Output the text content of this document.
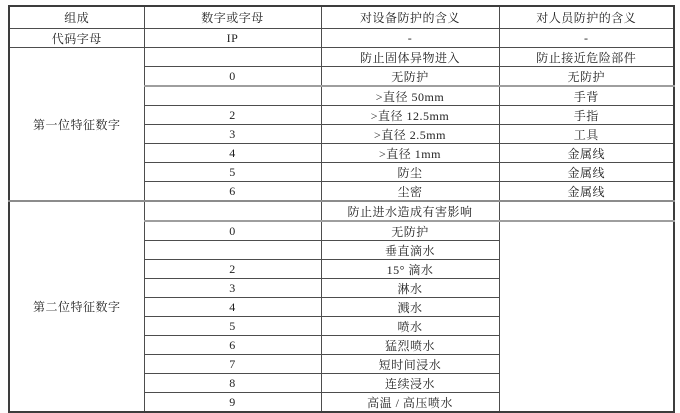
组成	数字或字母	对设备防护的含义	对人员防护的含义
代码字母	IP	-	-
第一位特征数字		防止固体异物进入	防止接近危险部件
	0	无防护	无防护
		>直径 50mm	手背
	2	>直径 12.5mm	手指
	3	>直径 2.5mm	工具
	4	>直径 1mm	金属线
	5	防尘	金属线
	6	尘密	金属线
第二位特征数字		防止进水造成有害影响	
	0	无防护	
		垂直滴水	
	2	15° 滴水	
	3	淋水	
	4	溅水	
	5	喷水	
	6	猛烈喷水	
	7	短时间浸水	
	8	连续浸水	
	9	高温 / 高压喷水	
